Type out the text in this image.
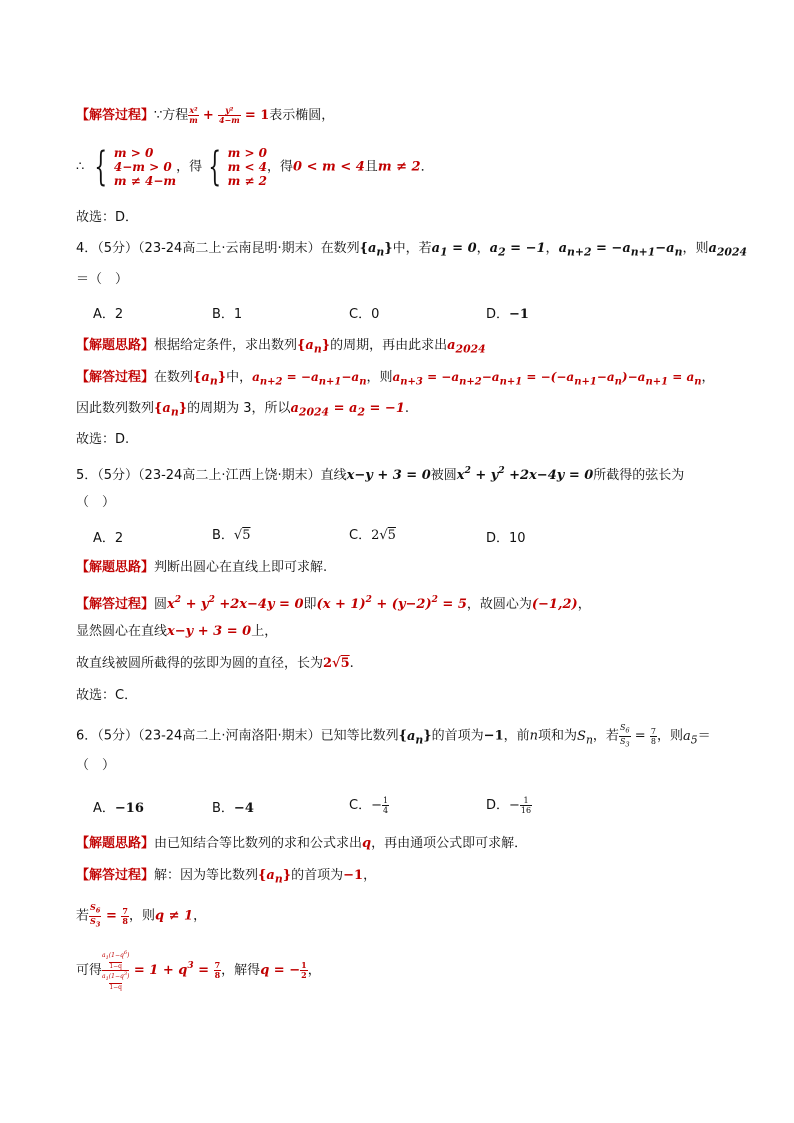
【解答过程】∵方程 $\frac{\text{x²}}{m} + \frac{\text{y²}}{4-m} = 1$表示椭圆，
∴ { m > 0
4−m > 0
m ≠ 4−m，得 { m > 0
m < 4
m ≠ 2，得0 < m < 4且m ≠ 2．
故选：D．
4．（5分）（23-24高二上·云南昆明·期末）在数列$\{a_n\}$中，若$a_1 = 0$，$a_2 = -1$，$a_{n+2} = -a_{n+1}-a_n$，则$a_{2024}$
＝（　）
A．2	B．1	C．0	D．−1
【解题思路】根据给定条件，求出数列$\{a_n\}$的周期，再由此求出$a_{2024}$
【解答过程】在数列$\{a_n\}$中，$a_{n+2} = -a_{n+1}-a_n$，则$a_{n+3} = -a_{n+2}-a_{n+1} = -(-a_{n+1}-a_n)-a_{n+1} = a_n$，
因此数列数列$\{a_n\}$的周期为 3，所以$a_{2024} = a_2 = -1$.
故选：D.
5．（5分）（23-24高二上·江西上饶·期末）直线x−y + 3 = 0被圆$x^2 + y^2 +2x-4y = 0$所截得的弦长为
（　）
A．2	B．√5	C．2√5	D．10
【解题思路】判断出圆心在直线上即可求解.
【解答过程】圆$x^2 + y^2 +2x-4y = 0$即$(x + 1)^2 + (y-2)^2 = 5$，故圆心为(−1,2)，
显然圆心在直线x−y + 3 = 0上，
故直线被圆所截得的弦即为圆的直径，长为2√5.
故选：C．
6．（5分）（23-24高二上·河南洛阳·期末）已知等比数列$\{a_n\}$的首项为−1，前n项和为$S_n$，若 $\frac{S_6}{S_3} = \frac{7}{8}$ ，则$a_5=$
（　）
A．−16	B．−4	C．− $\frac{1}{4}$	D．− $\frac{1}{16}$
【解题思路】由已知结合等比数列的求和公式求出q，再由通项公式即可求解．
【解答过程】解：因为等比数列$\{a_n\}$的首项为−1，
若 $\frac{S_6}{S_3} = \frac{7}{8}$ ，则q ≠ 1，
可得
$a_1(1-q^6)$
1−q
$a_1(1-q^3)$
1−q
= $1 + q^3 = \frac{7}{8}$ ，解得q = − $\frac{1}{2}$ ，
